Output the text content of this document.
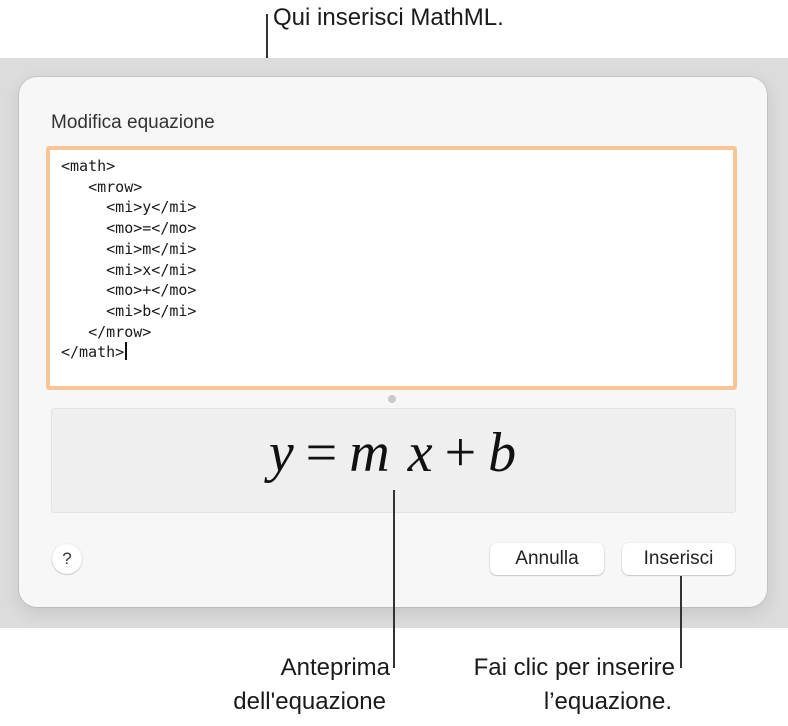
Qui inserisci MathML.
Modifica equazione
<math>
<mrow>
<mi>y</mi>
<mo>=</mo>
<mi>m</mi>
<mi>x</mi>
<mo>+</mo>
<mi>b</mi>
</mrow>
</math>
y = m x + b
?	Annulla	Inserisci
Anteprima
dell'equazione
Fai clic per inserire
l’equazione.
